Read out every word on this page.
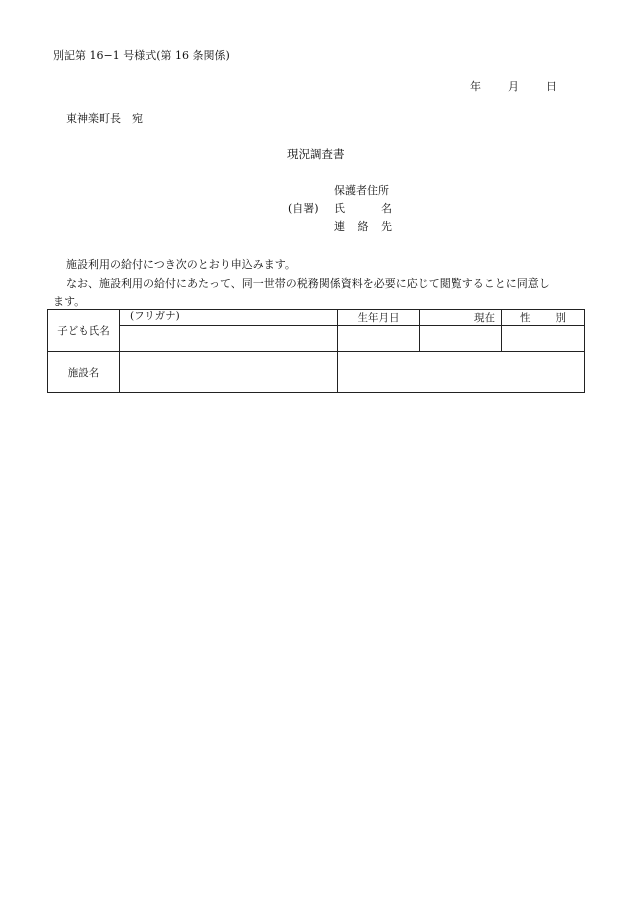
別記第 16−1 号様式(第 16 条関係)
年 月 日
東神楽町長　宛
現況調査書
保護者住所
(自署) 氏	名
連 絡 先
施設利用の給付につき次のとおり申込みます。
なお、施設利用の給付にあたって、同一世帯の税務関係資料を必要に応じて閲覧することに同意し
ます。
子ども氏名	(フリガナ)	生年月日	現在	性 別

施設名				
